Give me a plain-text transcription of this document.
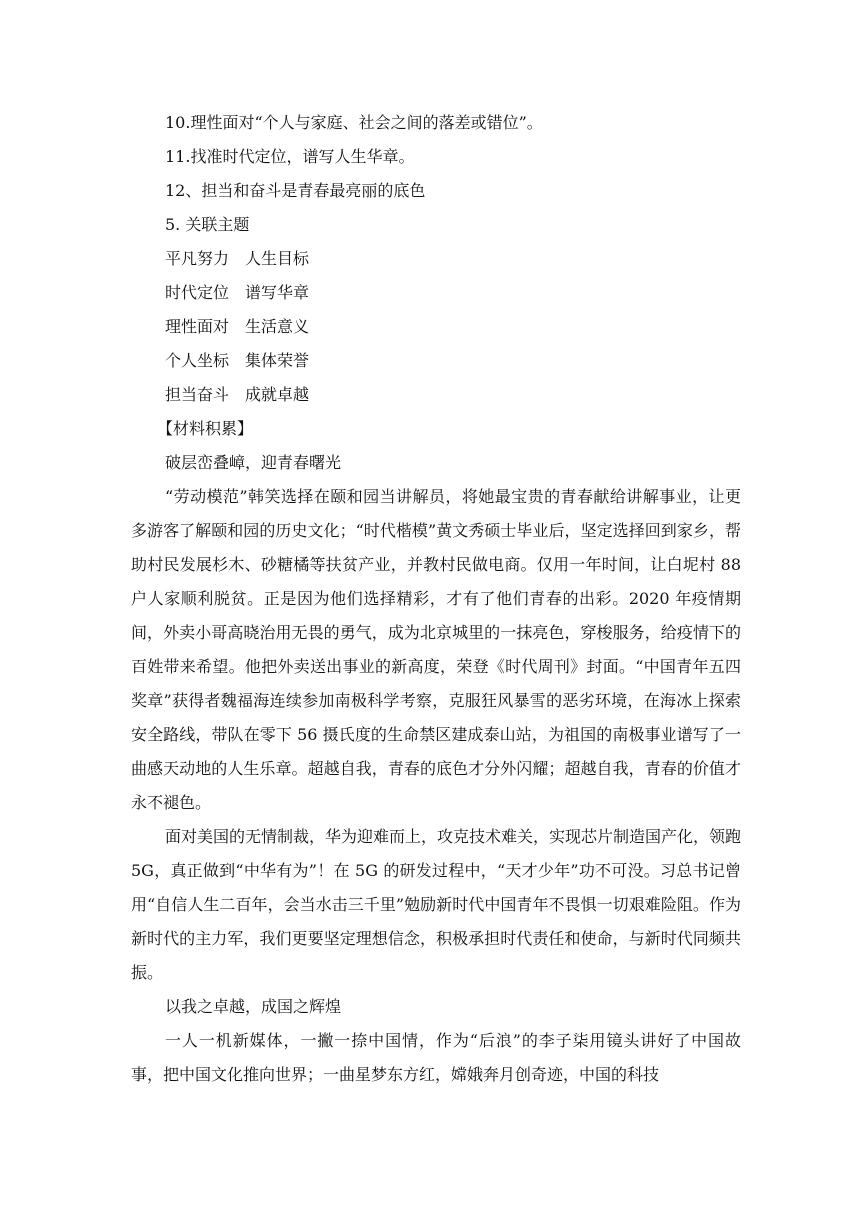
10.理性面对“个人与家庭、社会之间的落差或错位”。
11.找准时代定位，谱写人生华章。
12、担当和奋斗是青春最亮丽的底色
5. 关联主题
平凡努力 人生目标
时代定位 谱写华章
理性面对 生活意义
个人坐标 集体荣誉
担当奋斗 成就卓越
【材料积累】
破层峦叠嶂，迎青春曙光

“劳动模范”韩笑选择在颐和园当讲解员，将她最宝贵的青春献给讲解事业，让更多游客了解颐和园的历史文化；“时代楷模”黄文秀硕士毕业后，坚定选择回到家乡，帮助村民发展杉木、砂糖橘等扶贫产业，并教村民做电商。仅用一年时间，让白坭村 88 户人家顺利脱贫。正是因为他们选择精彩，才有了他们青春的出彩。2020 年疫情期间，外卖小哥高晓治用无畏的勇气，成为北京城里的一抹亮色，穿梭服务，给疫情下的百姓带来希望。他把外卖送出事业的新高度，荣登《时代周刊》封面。“中国青年五四奖章”获得者魏福海连续参加南极科学考察，克服狂风暴雪的恶劣环境，在海冰上探索安全路线，带队在零下 56 摄氏度的生命禁区建成泰山站，为祖国的南极事业谱写了一曲感天动地的人生乐章。超越自我，青春的底色才分外闪耀；超越自我，青春的价值才永不褪色。

面对美国的无情制裁，华为迎难而上，攻克技术难关，实现芯片制造国产化，领跑 5G，真正做到“中华有为”！在 5G 的研发过程中，“天才少年”功不可没。习总书记曾用“自信人生二百年，会当水击三千里”勉励新时代中国青年不畏惧一切艰难险阻。作为新时代的主力军，我们更要坚定理想信念，积极承担时代责任和使命，与新时代同频共振。

以我之卓越，成国之辉煌

一人一机新媒体，一撇一捺中国情，作为“后浪”的李子柒用镜头讲好了中国故事，把中国文化推向世界；一曲星梦东方红，嫦娥奔月创奇迹，中国的科技
